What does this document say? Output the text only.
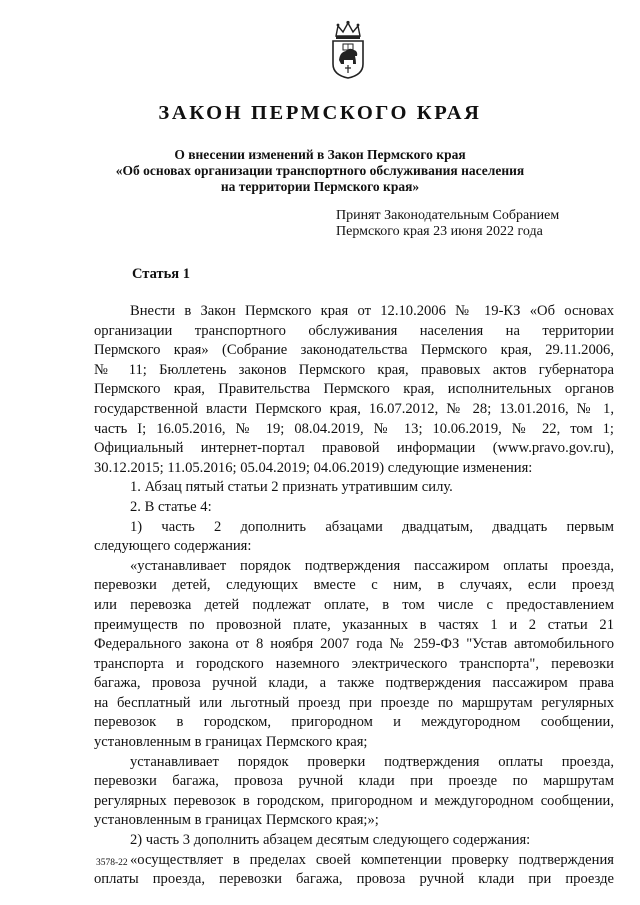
ЗАКОН ПЕРМСКОГО КРАЯ
О внесении изменений в Закон Пермского края
«Об основах организации транспортного обслуживания населения
на территории Пермского края»
Принят Законодательным Собранием
Пермского края 23 июня 2022 года
Статья 1
Внести в Закон Пермского края от 12.10.2006 № 19-КЗ «Об основах
организации транспортного обслуживания населения на территории
Пермского края» (Собрание законодательства Пермского края, 29.11.2006,
№ 11; Бюллетень законов Пермского края, правовых актов губернатора
Пермского края, Правительства Пермского края, исполнительных органов
государственной власти Пермского края, 16.07.2012, № 28; 13.01.2016, № 1,
часть I; 16.05.2016, № 19; 08.04.2019, № 13; 10.06.2019, № 22, том 1;
Официальный интернет-портал правовой информации (www.pravo.gov.ru),
30.12.2015; 11.05.2016; 05.04.2019; 04.06.2019) следующие изменения:
1. Абзац пятый статьи 2 признать утратившим силу.
2. В статье 4:
1) часть 2 дополнить абзацами двадцатым, двадцать первым
следующего содержания:
«устанавливает порядок подтверждения пассажиром оплаты проезда,
перевозки детей, следующих вместе с ним, в случаях, если проезд
или перевозка детей подлежат оплате, в том числе с предоставлением
преимуществ по провозной плате, указанных в частях 1 и 2 статьи 21
Федерального закона от 8 ноября 2007 года № 259-ФЗ "Устав автомобильного
транспорта и городского наземного электрического транспорта", перевозки
багажа, провоза ручной клади, а также подтверждения пассажиром права
на бесплатный или льготный проезд при проезде по маршрутам регулярных
перевозок в городском, пригородном и междугородном сообщении,
установленным в границах Пермского края;
устанавливает порядок проверки подтверждения оплаты проезда,
перевозки багажа, провоза ручной клади при проезде по маршрутам
регулярных перевозок в городском, пригородном и междугородном сообщении,
установленным в границах Пермского края;»;
2) часть 3 дополнить абзацем десятым следующего содержания:
«осуществляет в пределах своей компетенции проверку подтверждения
оплаты проезда, перевозки багажа, провоза ручной клади при проезде
3578-22
